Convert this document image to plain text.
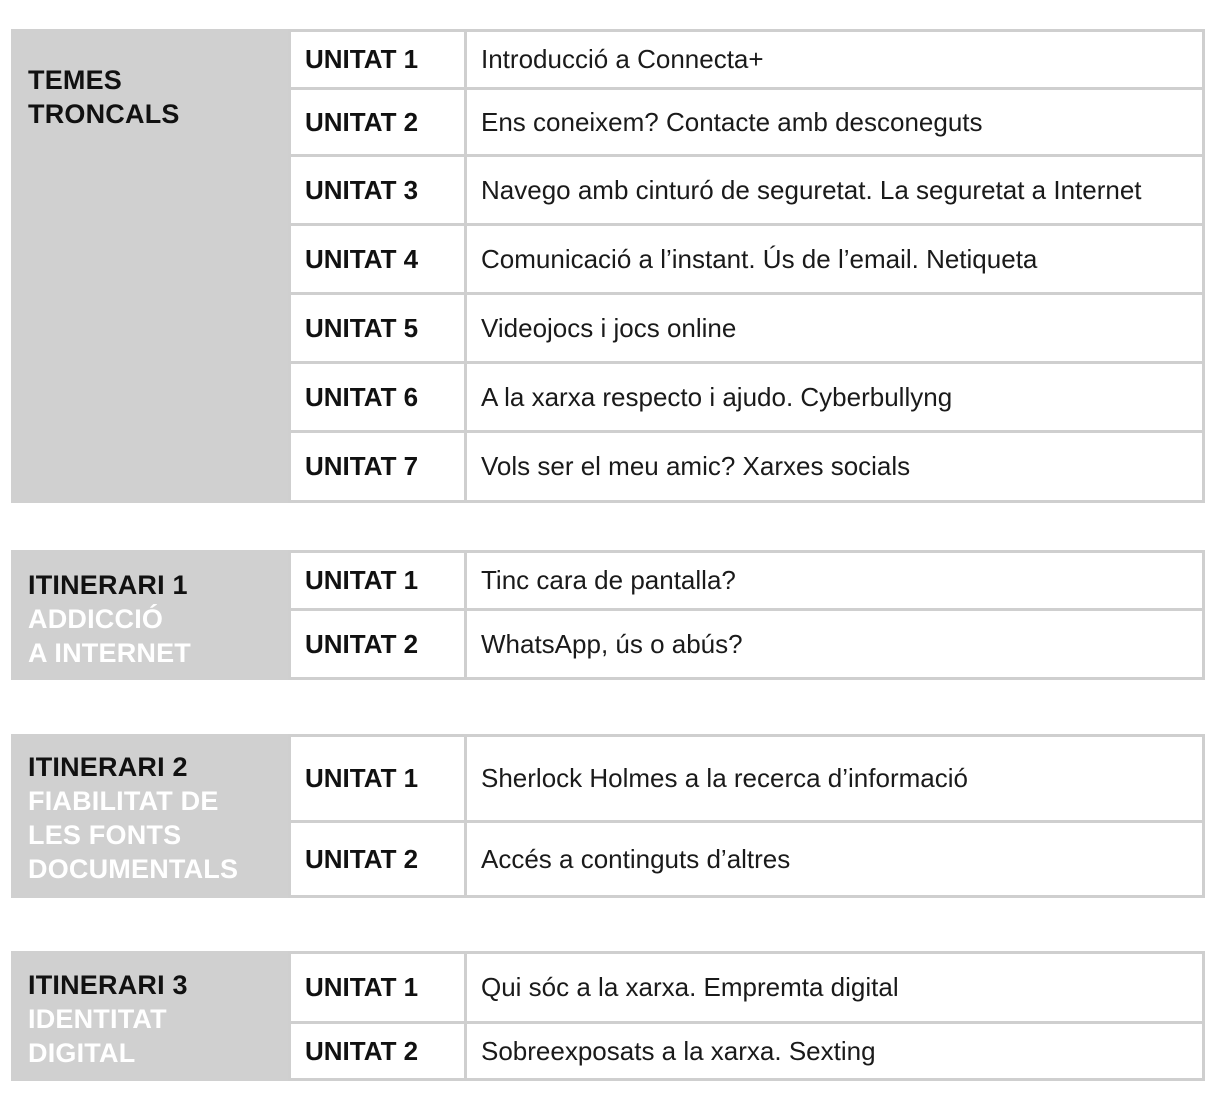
TEMES
TRONCALS
UNITAT 1	Introducció a Connecta+
UNITAT 2	Ens coneixem? Contacte amb desconeguts
UNITAT 3	Navego amb cinturó de seguretat. La seguretat a Internet
UNITAT 4	Comunicació a l’instant. Ús de l’email. Netiqueta
UNITAT 5	Videojocs i jocs online
UNITAT 6	A la xarxa respecto i ajudo. Cyberbullyng
UNITAT 7	Vols ser el meu amic? Xarxes socials
ITINERARI 1
ADDICCIÓ
A INTERNET
UNITAT 1	Tinc cara de pantalla?
UNITAT 2	WhatsApp, ús o abús?
ITINERARI 2
FIABILITAT DE
LES FONTS
DOCUMENTALS
UNITAT 1	Sherlock Holmes a la recerca d’informació
UNITAT 2	Accés a continguts d’altres
ITINERARI 3
IDENTITAT
DIGITAL
UNITAT 1	Qui sóc a la xarxa. Empremta digital
UNITAT 2	Sobreexposats a la xarxa. Sexting
